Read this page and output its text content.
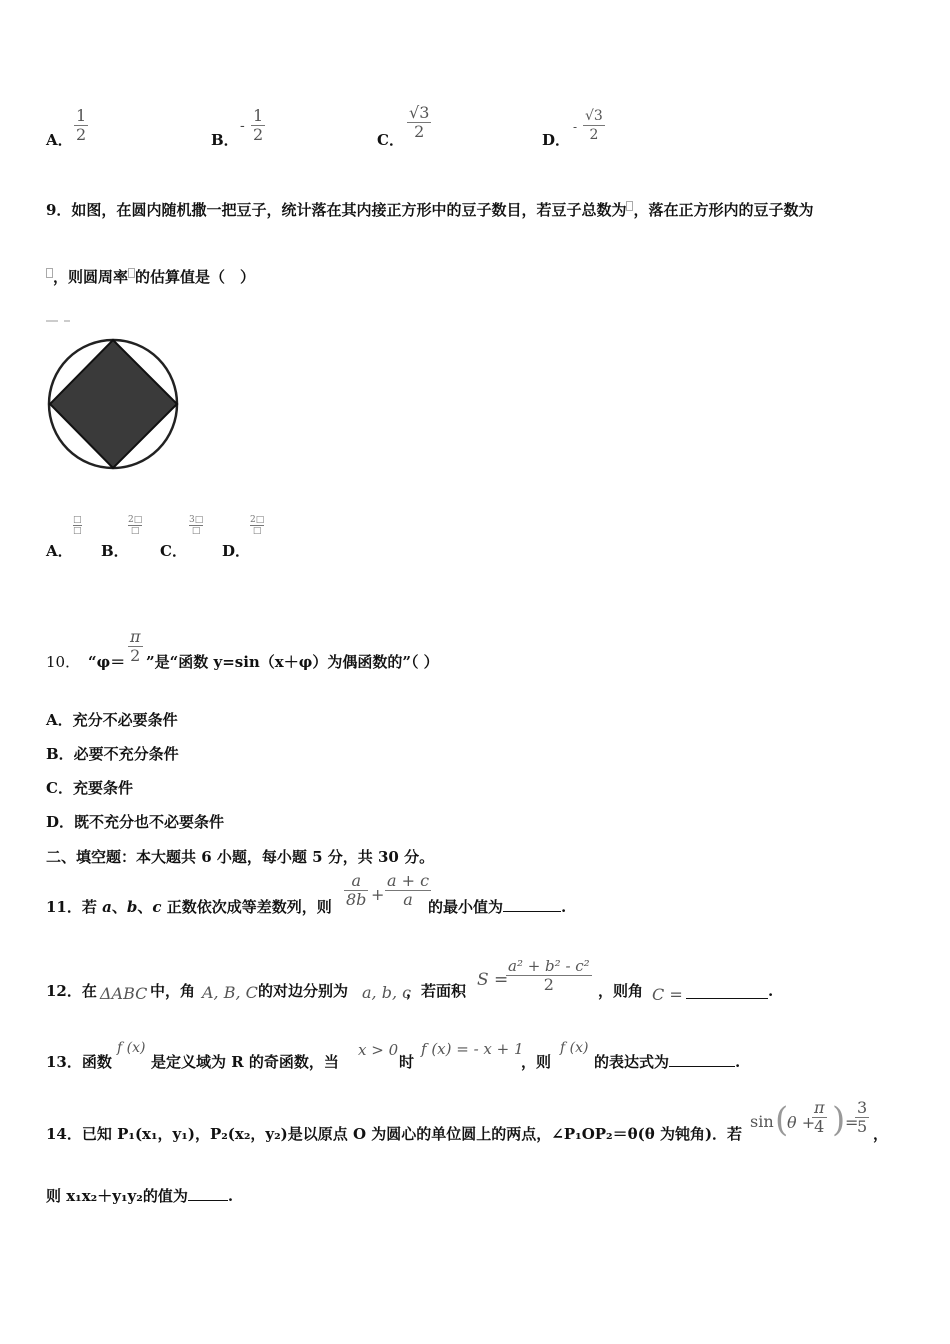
A．
1
2	B．
-
1
2	C．
√3
2	D．
-
√3
2
9．如图，在圆内随机撒一把豆子，统计落在其内接正方形中的豆子数目，若豆子总数为 ，落在正方形内的豆子数为
，则圆周率 的估算值是（　）
A．
□
□
B．
2□
□
C．
3□
□
D．
2□
□
10． “φ＝
π
2 ”是“函数 y=sin（x＋φ）为偶函数的”（ ）
A．充分不必要条件
B．必要不充分条件
C．充要条件
D．既不充分也不必要条件
二、填空题：本大题共 6 小题，每小题 5 分，共 30 分。
11．若 a、b、c 正数依次成等差数列，则
a
8b +
a + c
a 的最小值为	.
12．在 ΔABC 中，角 A, B, C 的对边分别为 a, b, c
，若面积
S =
a² + b² - c²
2	，则角 C =	.
13．函数
f (x)
是定义域为 R 的奇函数，当
x > 0
时
f (x) = - x + 1
，则
f (x)
的表达式为	.
14．已知 P₁(x₁，y₁)，P₂(x₂，y₂)是以原点 O 为圆心的单位圆上的两点，∠P₁OP₂＝θ(θ 为钝角)．若
sin (
θ +
π
4 ) =
3
5 ，
则 x₁x₂＋y₁y₂的值为	.
